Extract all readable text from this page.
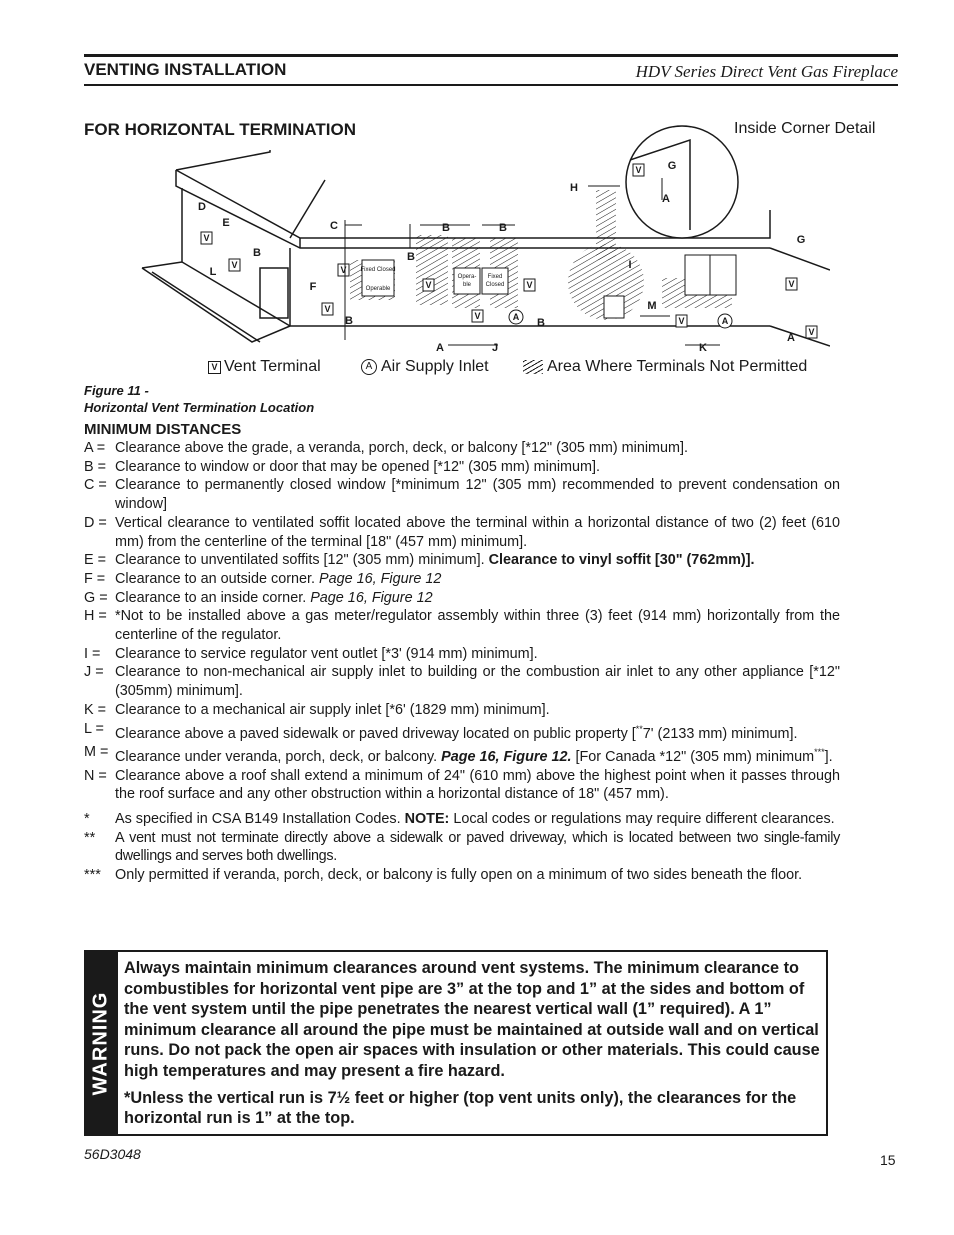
VENTING INSTALLATION	HDV Series Direct Vent Gas Fireplace
FOR HORIZONTAL TERMINATION	Inside Corner Detail
Fixed Closed
Operable
Opera-
ble
Fixed
Closed
D
E
B
L
F
C
B
B
B	B
B
A	J
H
I
M
K
G
A
G
A
V
V	V
V
V	V
V	V
V
V
V
A	A
V Vent Terminal	A Air Supply Inlet	Area Where Terminals Not Permitted
Figure 11 -
Horizontal Vent Termination Location
MINIMUM DISTANCES
A = Clearance above the grade, a veranda, porch, deck, or balcony [*12" (305 mm) minimum].
B = Clearance to window or door that may be opened [*12" (305 mm) minimum].
C = Clearance to permanently closed window [*minimum 12" (305 mm) recommended to prevent condensation on window]
D = Vertical clearance to ventilated soffit located above the terminal within a horizontal distance of two (2) feet (610 mm) from the centerline of the terminal [18" (457 mm) minimum].
E = Clearance to unventilated soffits [12" (305 mm) minimum]. Clearance to vinyl soffit [30" (762mm)].
F = Clearance to an outside corner. Page 16, Figure 12
G = Clearance to an inside corner. Page 16, Figure 12
H = *Not to be installed above a gas meter/regulator assembly within three (3) feet (914 mm) horizontally from the centerline of the regulator.
I =	Clearance to service regulator vent outlet [*3' (914 mm) minimum].
J = Clearance to non-mechanical air supply inlet to building or the combustion air inlet to any other appliance [*12" (305mm) minimum].
K = Clearance to a mechanical air supply inlet [*6' (1829 mm) minimum].
L = Clearance above a paved sidewalk or paved driveway located on public property [**7' (2133 mm) minimum].
M = Clearance under veranda, porch, deck, or balcony. Page 16, Figure 12. [For Canada *12" (305 mm) minimum***].
N = Clearance above a roof shall extend a minimum of 24" (610 mm) above the highest point when it passes through the roof surface and any other obstruction within a horizontal distance of 18" (457 mm).
*	As specified in CSA B149 Installation Codes. NOTE: Local codes or regulations may require different clearances.
**	A vent must not terminate directly above a sidewalk or paved driveway, which is located between two single-family dwellings and serves both dwellings.
*** Only permitted if veranda, porch, deck, or balcony is fully open on a minimum of two sides beneath the floor.
WARNING

Always maintain minimum clearances around vent systems. The minimum clearance to combustibles for horizontal vent pipe are 3” at the top and 1” at the sides and bottom of the vent system until the pipe penetrates the nearest vertical wall (1” required). A 1” minimum clearance all around the pipe must be maintained at outside wall and on vertical runs. Do not pack the open air spaces with insulation or other materials. This could cause high temperatures and may present a fire hazard.

*Unless the vertical run is 7½ feet or higher (top vent units only), the clearances for the horizontal run is 1” at the top.

56D3048	15
